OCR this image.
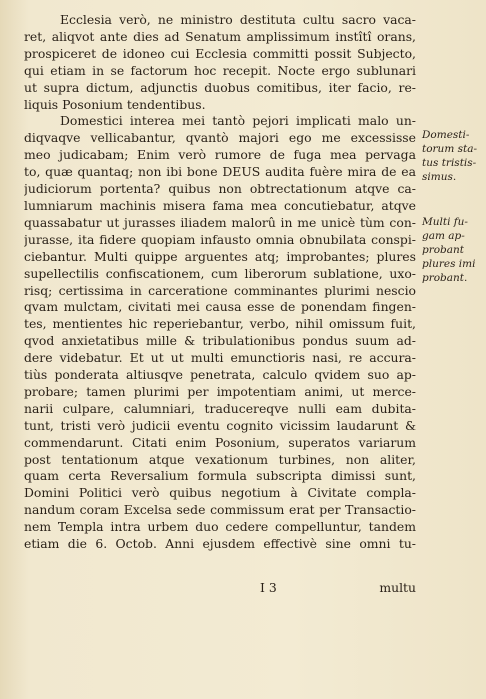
Ecclesia verò, ne ministro destituta cultu sacro vaca-
ret, aliqvot ante dies ad Senatum amplissimum instîtî orans,
prospiceret de idoneo cui Ecclesia committi possit Subjecto,
qui etiam in se factorum hoc recepit. Nocte ergo sublunari
ut supra dictum, adjunctis duobus comitibus, iter facio, re-
liquis Posonium tendentibus.
Domestici interea mei tantò pejori implicati malo un-
diqvaqve vellicabantur, qvantò majori ego me excessisse
meo judicabam; Enim verò rumore de fuga mea pervaga
to, quæ quantaq; non ibi bone DEUS audita fuère mira de ea
judiciorum portenta? quibus non obtrectationum atqve ca-
lumniarum machinis misera fama mea concutiebatur, atqve
quassabatur ut jurasses iliadem malorû in me unicè tùm con-
jurasse, ita fidere quopiam infausto omnia obnubilata conspi-
ciebantur. Multi quippe arguentes atq; improbantes; plures
supellectilis confiscationem, cum liberorum sublatione, uxo-
risq; certissima in carceratione comminantes plurimi nescio
qvam mulctam, civitati mei causa esse de ponendam fingen-
tes, mentientes hic reperiebantur, verbo, nihil omissum fuit,
qvod anxietatibus mille & tribulationibus pondus suum ad-
dere videbatur. Et ut ut multi emunctioris nasi, re accura-
tiùs ponderata altiusqve penetrata, calculo qvidem suo ap-
probare; tamen plurimi per impotentiam animi, ut merce-
narii culpare, calumniari, traducereqve nulli eam dubita-
tunt, tristi verò judicii eventu cognito vicissim laudarunt &
commendarunt. Citati enim Posonium, superatos variarum
post tentationum atque vexationum turbines, non aliter,
quam certa Reversalium formula subscripta dimissi sunt,
Domini Politici verò quibus negotium à Civitate compla-
nandum coram Excelsa sede commissum erat per Transactio-
nem Templa intra urbem duo cedere compelluntur, tandem
etiam die 6. Octob. Anni ejusdem effectivè sine omni tu-
Domesti-
torum sta-
tus tristis-
simus.
Multi fu-
gam ap-
probant
plures imi
probant.
I 3	multu
